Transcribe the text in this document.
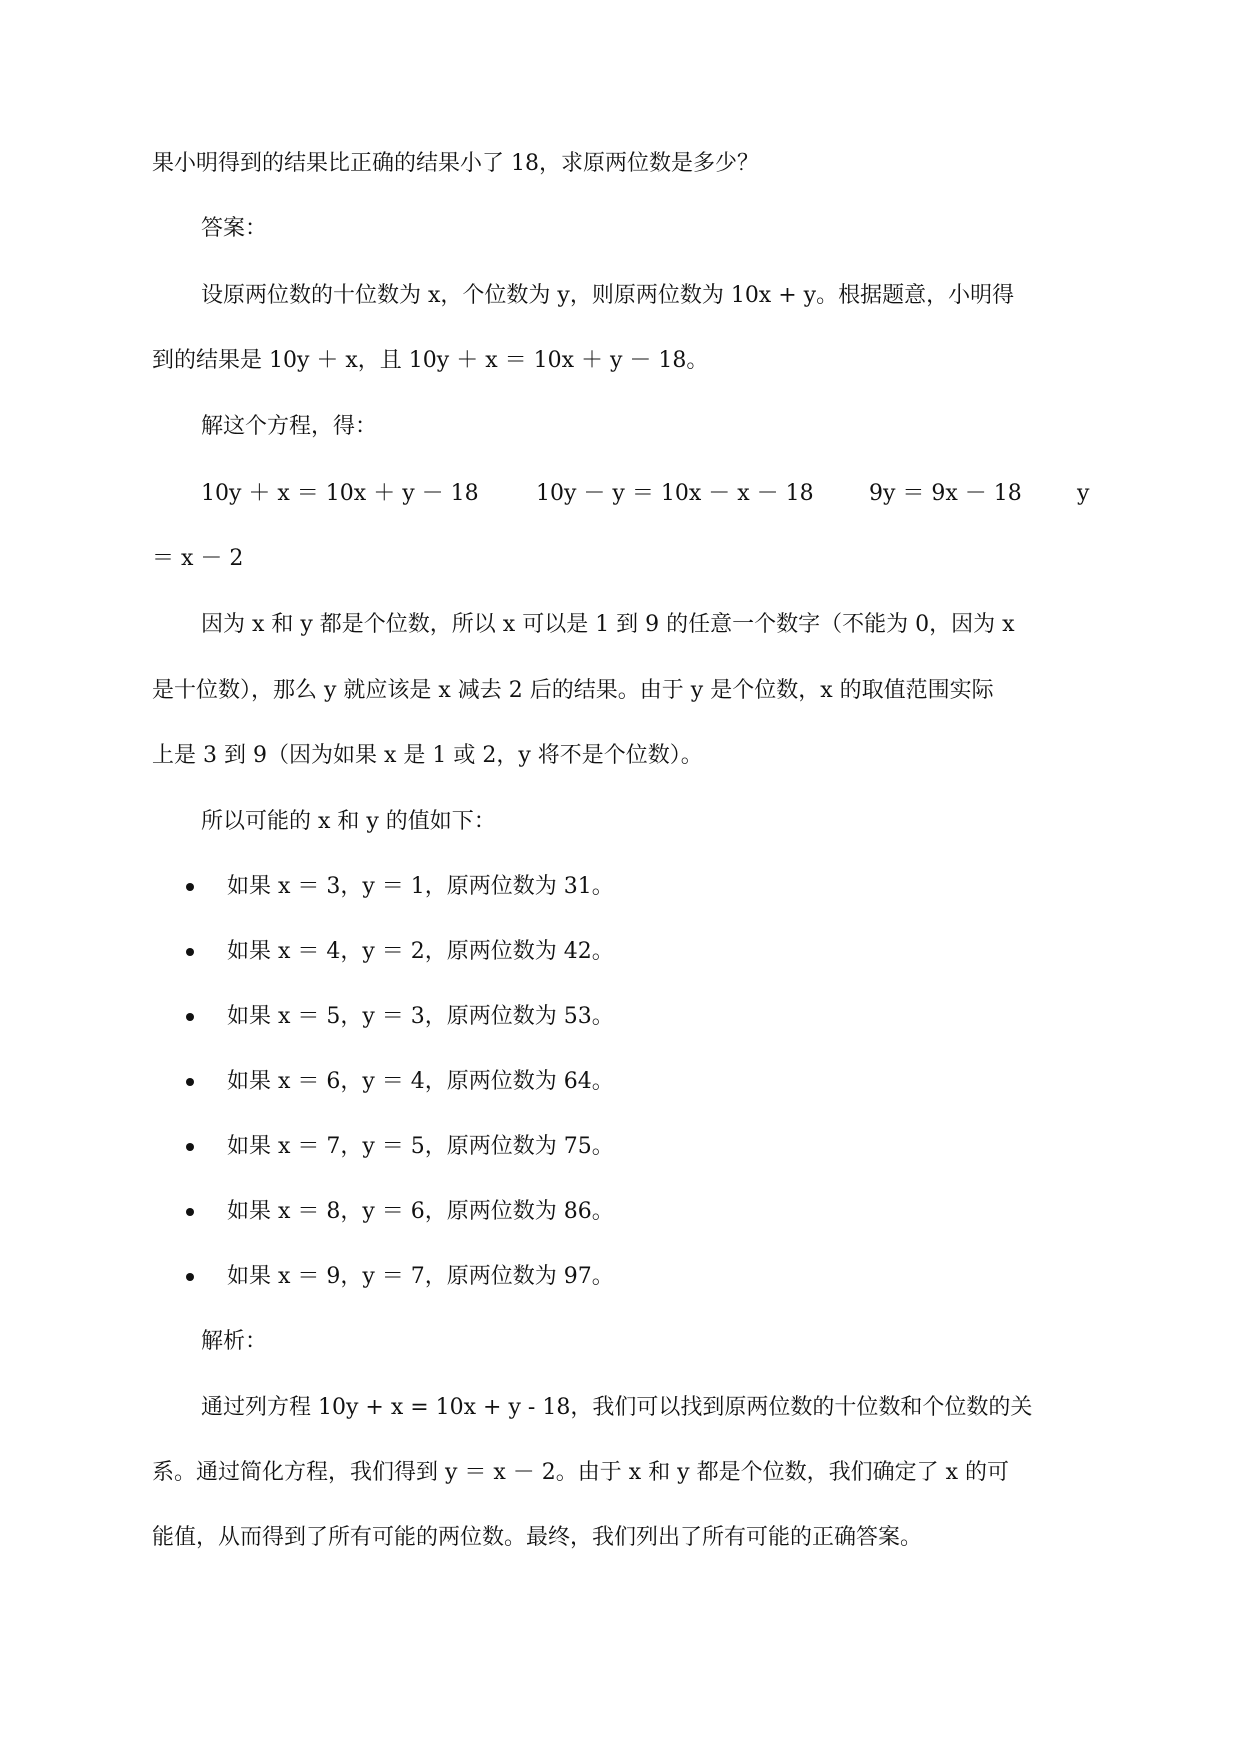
果小明得到的结果比正确的结果小了 18，求原两位数是多少？
答案：
设原两位数的十位数为 x，个位数为 y，则原两位数为 10x + y。根据题意，小明得
到的结果是 10y ＋ x，且 10y ＋ x ＝ 10x ＋ y － 18。
解这个方程，得：
10y ＋ x ＝ 10x ＋ y － 18	10y － y ＝ 10x － x － 18	9y ＝ 9x － 18	y
＝ x － 2
因为 x 和 y 都是个位数，所以 x 可以是 1 到 9 的任意一个数字（不能为 0，因为 x
是十位数），那么 y 就应该是 x 减去 2 后的结果。由于 y 是个位数，x 的取值范围实际
上是 3 到 9（因为如果 x 是 1 或 2，y 将不是个位数）。
所以可能的 x 和 y 的值如下：
如果 x ＝ 3，y ＝ 1，原两位数为 31。
如果 x ＝ 4，y ＝ 2，原两位数为 42。
如果 x ＝ 5，y ＝ 3，原两位数为 53。
如果 x ＝ 6，y ＝ 4，原两位数为 64。
如果 x ＝ 7，y ＝ 5，原两位数为 75。
如果 x ＝ 8，y ＝ 6，原两位数为 86。
如果 x ＝ 9，y ＝ 7，原两位数为 97。
解析：
通过列方程 10y + x = 10x + y - 18，我们可以找到原两位数的十位数和个位数的关
系。通过简化方程，我们得到 y ＝ x － 2。由于 x 和 y 都是个位数，我们确定了 x 的可
能值，从而得到了所有可能的两位数。最终，我们列出了所有可能的正确答案。
